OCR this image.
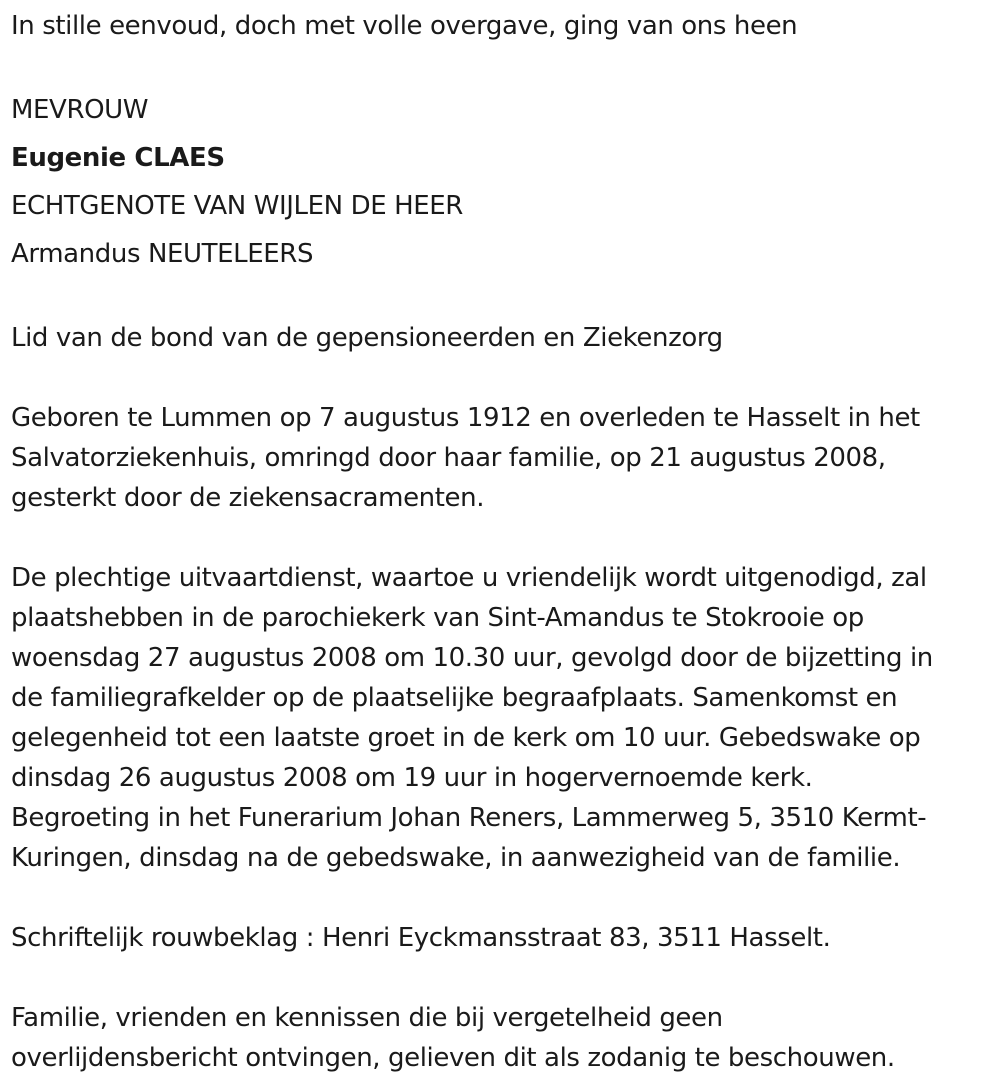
In stille eenvoud, doch met volle overgave, ging van ons heen
MEVROUW
Eugenie CLAES
ECHTGENOTE VAN WIJLEN DE HEER
Armandus NEUTELEERS
Lid van de bond van de gepensioneerden en Ziekenzorg
Geboren te Lummen op 7 augustus 1912 en overleden te Hasselt in het
Salvatorziekenhuis, omringd door haar familie, op 21 augustus 2008,
gesterkt door de ziekensacramenten.
De plechtige uitvaartdienst, waartoe u vriendelijk wordt uitgenodigd, zal
plaatshebben in de parochiekerk van Sint-Amandus te Stokrooie op
woensdag 27 augustus 2008 om 10.30 uur, gevolgd door de bijzetting in
de familiegrafkelder op de plaatselijke begraafplaats. Samenkomst en
gelegenheid tot een laatste groet in de kerk om 10 uur. Gebedswake op
dinsdag 26 augustus 2008 om 19 uur in hogervernoemde kerk.
Begroeting in het Funerarium Johan Reners, Lammerweg 5, 3510 Kermt-
Kuringen, dinsdag na de gebedswake, in aanwezigheid van de familie.
Schriftelijk rouwbeklag : Henri Eyckmansstraat 83, 3511 Hasselt.
Familie, vrienden en kennissen die bij vergetelheid geen
overlijdensbericht ontvingen, gelieven dit als zodanig te beschouwen.
